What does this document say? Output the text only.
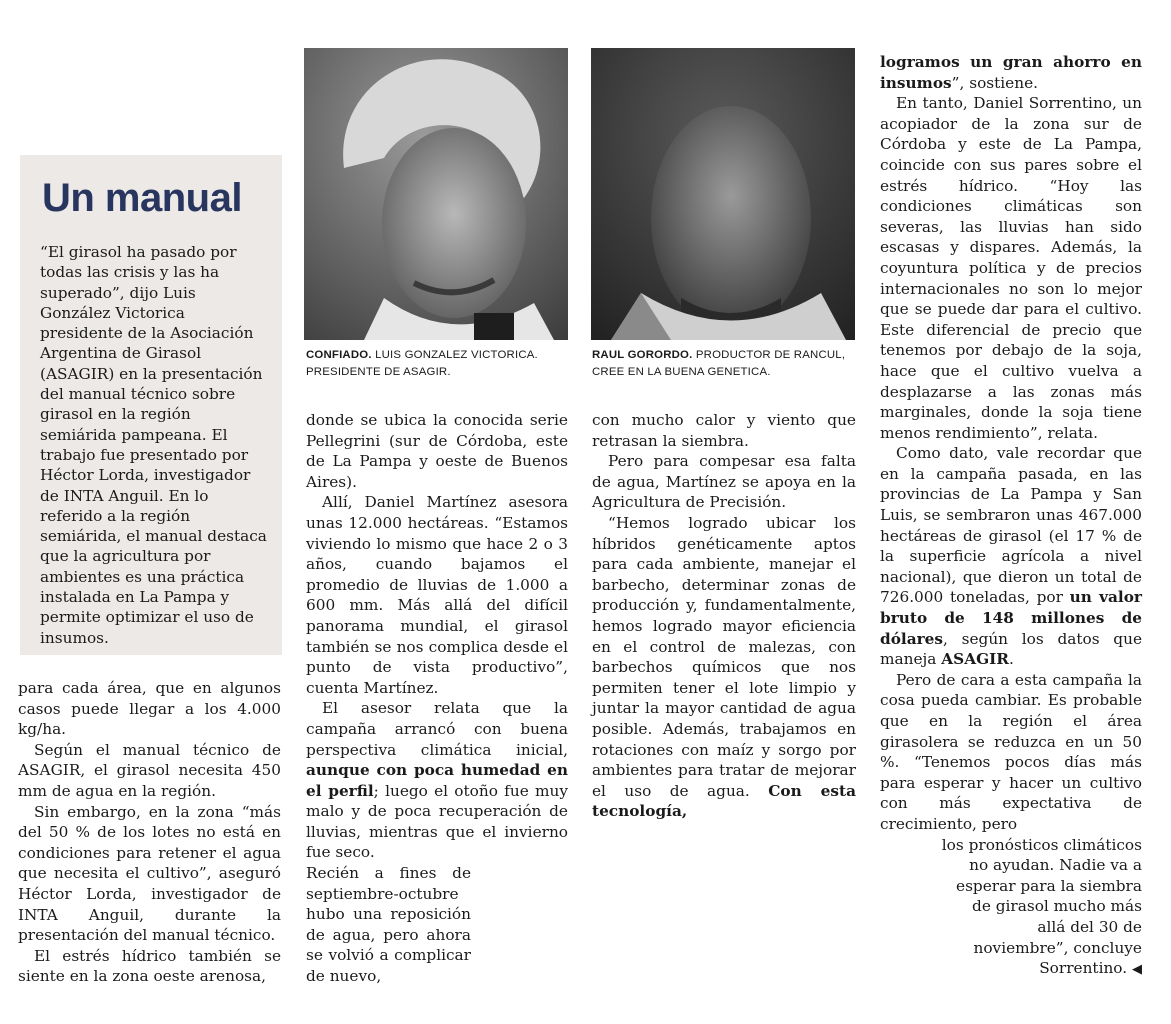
Un manual

“El girasol ha pasado por todas las crisis y las ha superado”, dijo Luis González Victorica presidente de la Asociación Argentina de Girasol (ASAGIR) en la presentación del manual técnico sobre girasol en la región semiárida pampeana. El trabajo fue presentado por Héctor Lorda, investigador de INTA Anguil. En lo referido a la región semiárida, el manual destaca que la agricultura por ambientes es una práctica instalada en La Pampa y permite optimizar el uso de insumos.

CONFIADO. LUIS GONZALEZ VICTORICA. PRESIDENTE DE ASAGIR.
RAUL GORORDO. PRODUCTOR DE RANCUL, CREE EN LA BUENA GENETICA.

para cada área, que en algunos casos puede llegar a los 4.000 kg/ha.

Según el manual técnico de ASAGIR, el girasol necesita 450 mm de agua en la región.

Sin embargo, en la zona “más del 50 % de los lotes no está en condiciones para retener el agua que necesita el cultivo”, aseguró Héctor Lorda, investigador de INTA Anguil, durante la presentación del manual técnico.

El estrés hídrico también se siente en la zona oeste arenosa,

donde se ubica la conocida serie Pellegrini (sur de Córdoba, este de La Pampa y oeste de Buenos Aires).

Allí, Daniel Martínez asesora unas 12.000 hectáreas. “Estamos viviendo lo mismo que hace 2 o 3 años, cuando bajamos el promedio de lluvias de 1.000 a 600 mm. Más allá del difícil panorama mundial, el girasol también se nos complica desde el punto de vista productivo”, cuenta Martínez.

El asesor relata que la campaña arrancó con buena perspectiva climática inicial, aunque con poca humedad en el perfil; luego el otoño fue muy malo y de poca recuperación de lluvias, mientras que el invierno fue seco.

Recién a fines de septiembre-octubre hubo una reposición de agua, pero ahora se volvió a complicar de nuevo,

con mucho calor y viento que retrasan la siembra.

Pero para compesar esa falta de agua, Martínez se apoya en la Agricultura de Precisión.

“Hemos logrado ubicar los híbridos genéticamente aptos para cada ambiente, manejar el barbecho, determinar zonas de producción y, fundamentalmente, hemos logrado mayor eficiencia en el control de malezas, con barbechos químicos que nos permiten tener el lote limpio y juntar la mayor cantidad de agua posible. Además, trabajamos en rotaciones con maíz y sorgo por ambientes para tratar de mejorar el uso de agua. Con esta tecnología,

logramos un gran ahorro en insumos”, sostiene.

En tanto, Daniel Sorrentino, un acopiador de la zona sur de Córdoba y este de La Pampa, coincide con sus pares sobre el estrés hídrico. “Hoy las condiciones climáticas son severas, las lluvias han sido escasas y dispares. Además, la coyuntura política y de precios internacionales no son lo mejor que se puede dar para el cultivo. Este diferencial de precio que tenemos por debajo de la soja, hace que el cultivo vuelva a desplazarse a las zonas más marginales, donde la soja tiene menos rendimiento”, relata.

Como dato, vale recordar que en la campaña pasada, en las provincias de La Pampa y San Luis, se sembraron unas 467.000 hectáreas de girasol (el 17 % de la superficie agrícola a nivel nacional), que dieron un total de 726.000 toneladas, por un valor bruto de 148 millones de dólares, según los datos que maneja ASAGIR.

Pero de cara a esta campaña la cosa pueda cambiar. Es probable que en la región el área girasolera se reduzca en un 50 %. “Tenemos pocos días más para esperar y hacer un cultivo con más expectativa de crecimiento, pero

los pronósticos climáticos no ayudan. Nadie va a esperar para la siembra de girasol mucho más allá del 30 de noviembre”, concluye Sorrentino. ◀
